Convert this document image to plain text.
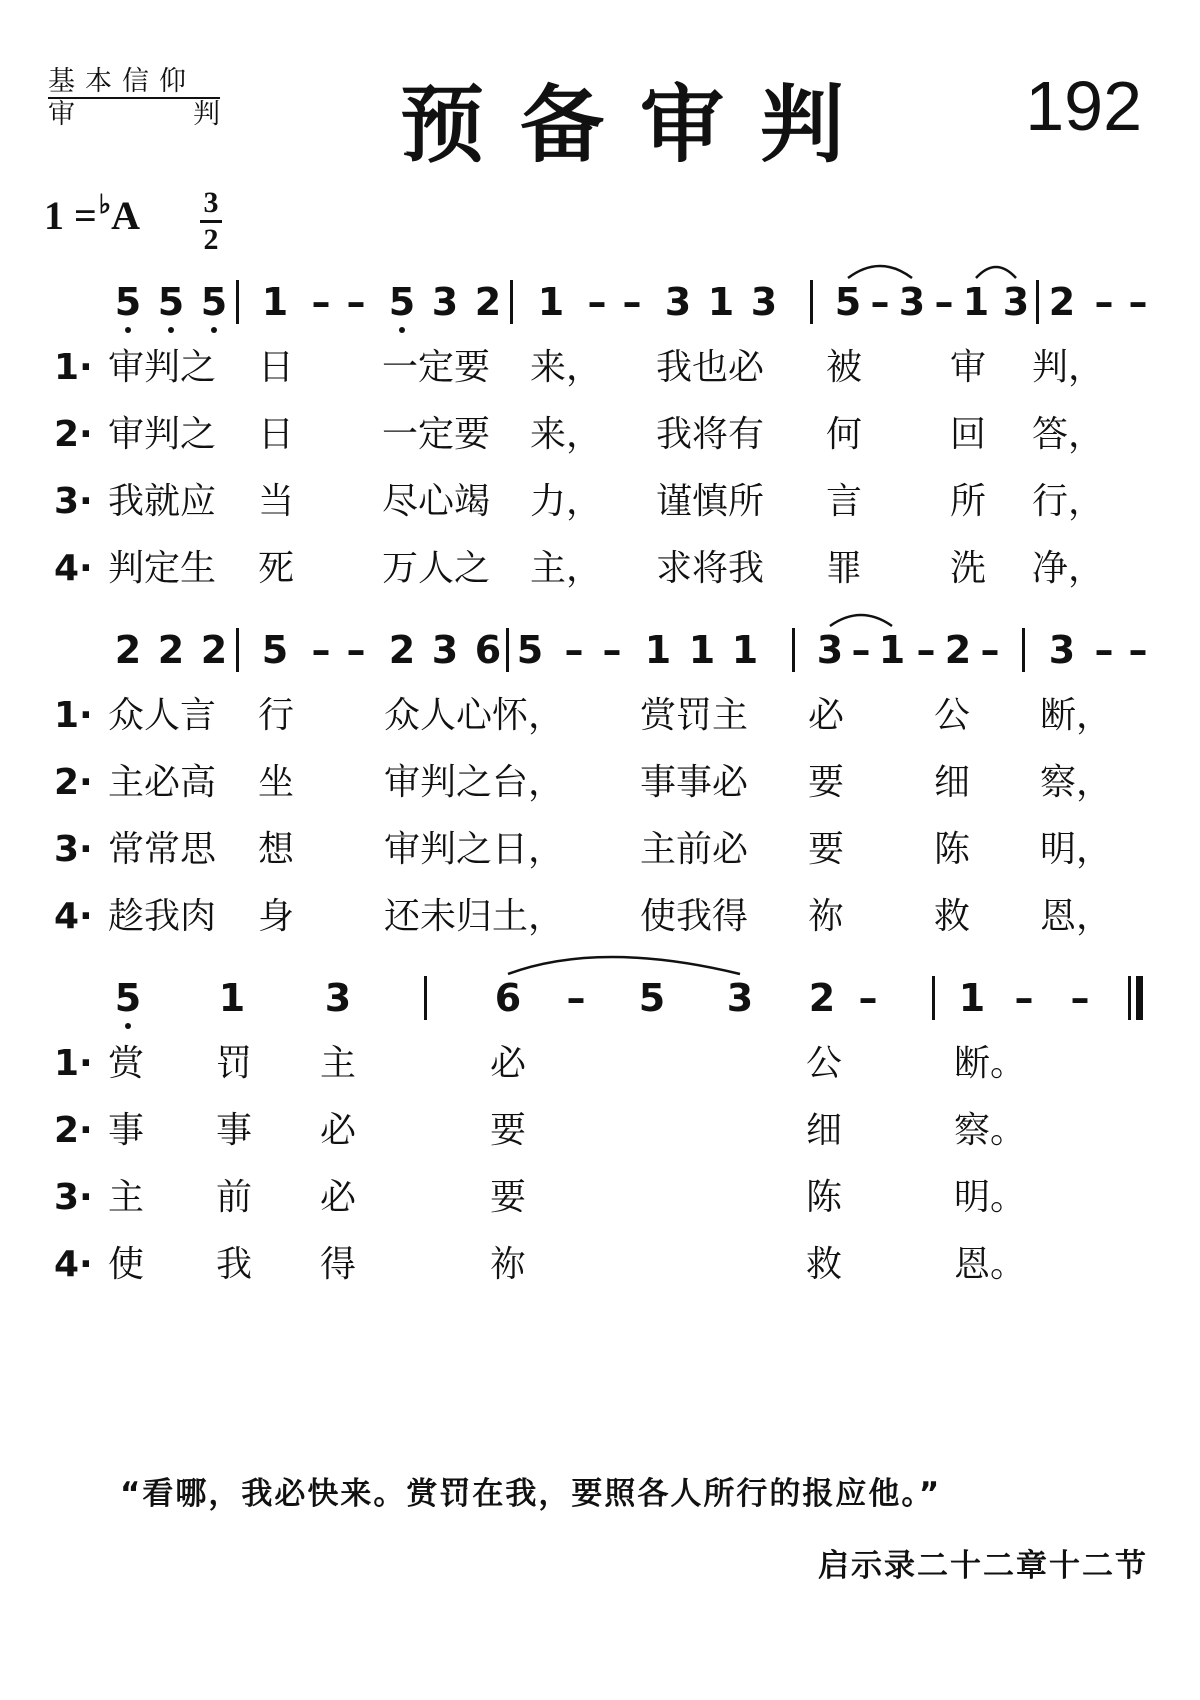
基本信仰
审	判 预备审判 192
1 =♭A 3
2
5 5 5 1 – – 5 3 2 1 – – 3 1 3 5 – 3 – 1 3 2 – –
1· 审判之 日 一定要 来， 我也必 被 审 判，
2· 审判之 日 一定要 来， 我将有 何 回 答，
3· 我就应 当 尽心竭 力， 谨慎所 言 所 行，
4· 判定生 死 万人之 主， 求将我 罪 洗 净，
2 2 2 5 – – 2 3 6 5 – – 1 1 1 3 – 1 – 2 – 3 – –
1· 众人言 行 众人心怀， 赏罚主 必 公 断，
2· 主必高 坐 审判之台， 事事必 要 细 察，
3· 常常思 想 审判之日， 主前必 要 陈 明，
4· 趁我肉 身 还未归土， 使我得 祢 救 恩，
5 1 3	6 – 5 3 2 – 1 – –
1· 赏 罚 主	必	公	断。
2· 事 事 必	要	细	察。
3· 主 前 必	要	陈	明。
4· 使 我 得	祢	救	恩。
“看哪，我必快来。赏罚在我，要照各人所行的报应他。”
启示录二十二章十二节
